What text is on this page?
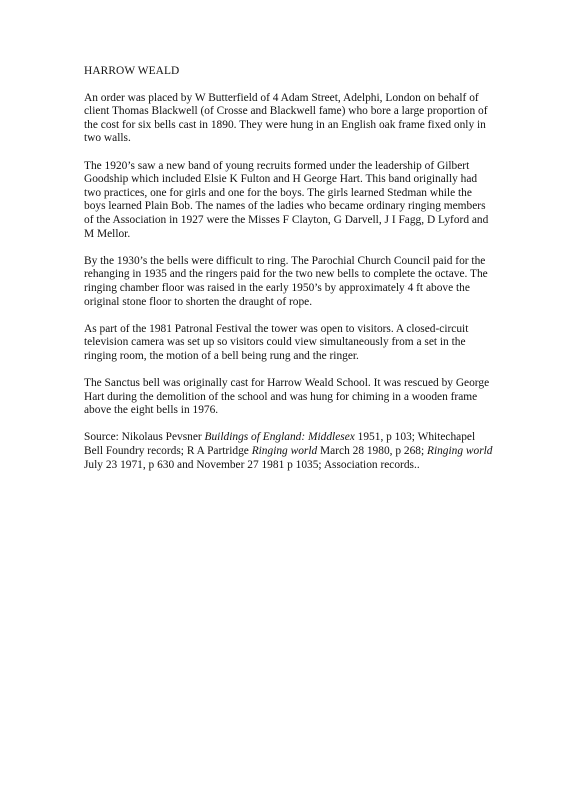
HARROW WEALD

An order was placed by W Butterfield of 4 Adam Street, Adelphi, London on behalf of client Thomas Blackwell (of Crosse and Blackwell fame) who bore a large proportion of the cost for six bells cast in 1890. They were hung in an English oak frame fixed only in two walls.

The 1920’s saw a new band of young recruits formed under the leadership of Gilbert Goodship which included Elsie K Fulton and H George Hart. This band originally had two practices, one for girls and one for the boys. The girls learned Stedman while the boys learned Plain Bob. The names of the ladies who became ordinary ringing members of the Association in 1927 were the Misses F Clayton, G Darvell, J I Fagg, D Lyford and M Mellor.

By the 1930’s the bells were difficult to ring. The Parochial Church Council paid for the rehanging in 1935 and the ringers paid for the two new bells to complete the octave. The ringing chamber floor was raised in the early 1950’s by approximately 4 ft above the original stone floor to shorten the draught of rope.

As part of the 1981 Patronal Festival the tower was open to visitors. A closed-circuit television camera was set up so visitors could view simultaneously from a set in the ringing room, the motion of a bell being rung and the ringer.

The Sanctus bell was originally cast for Harrow Weald School. It was rescued by George Hart during the demolition of the school and was hung for chiming in a wooden frame above the eight bells in 1976.

Source: Nikolaus Pevsner Buildings of England: Middlesex 1951, p 103; Whitechapel Bell Foundry records; R A Partridge Ringing world March 28 1980, p 268; Ringing world July 23 1971, p 630 and November 27 1981 p 1035; Association records..
